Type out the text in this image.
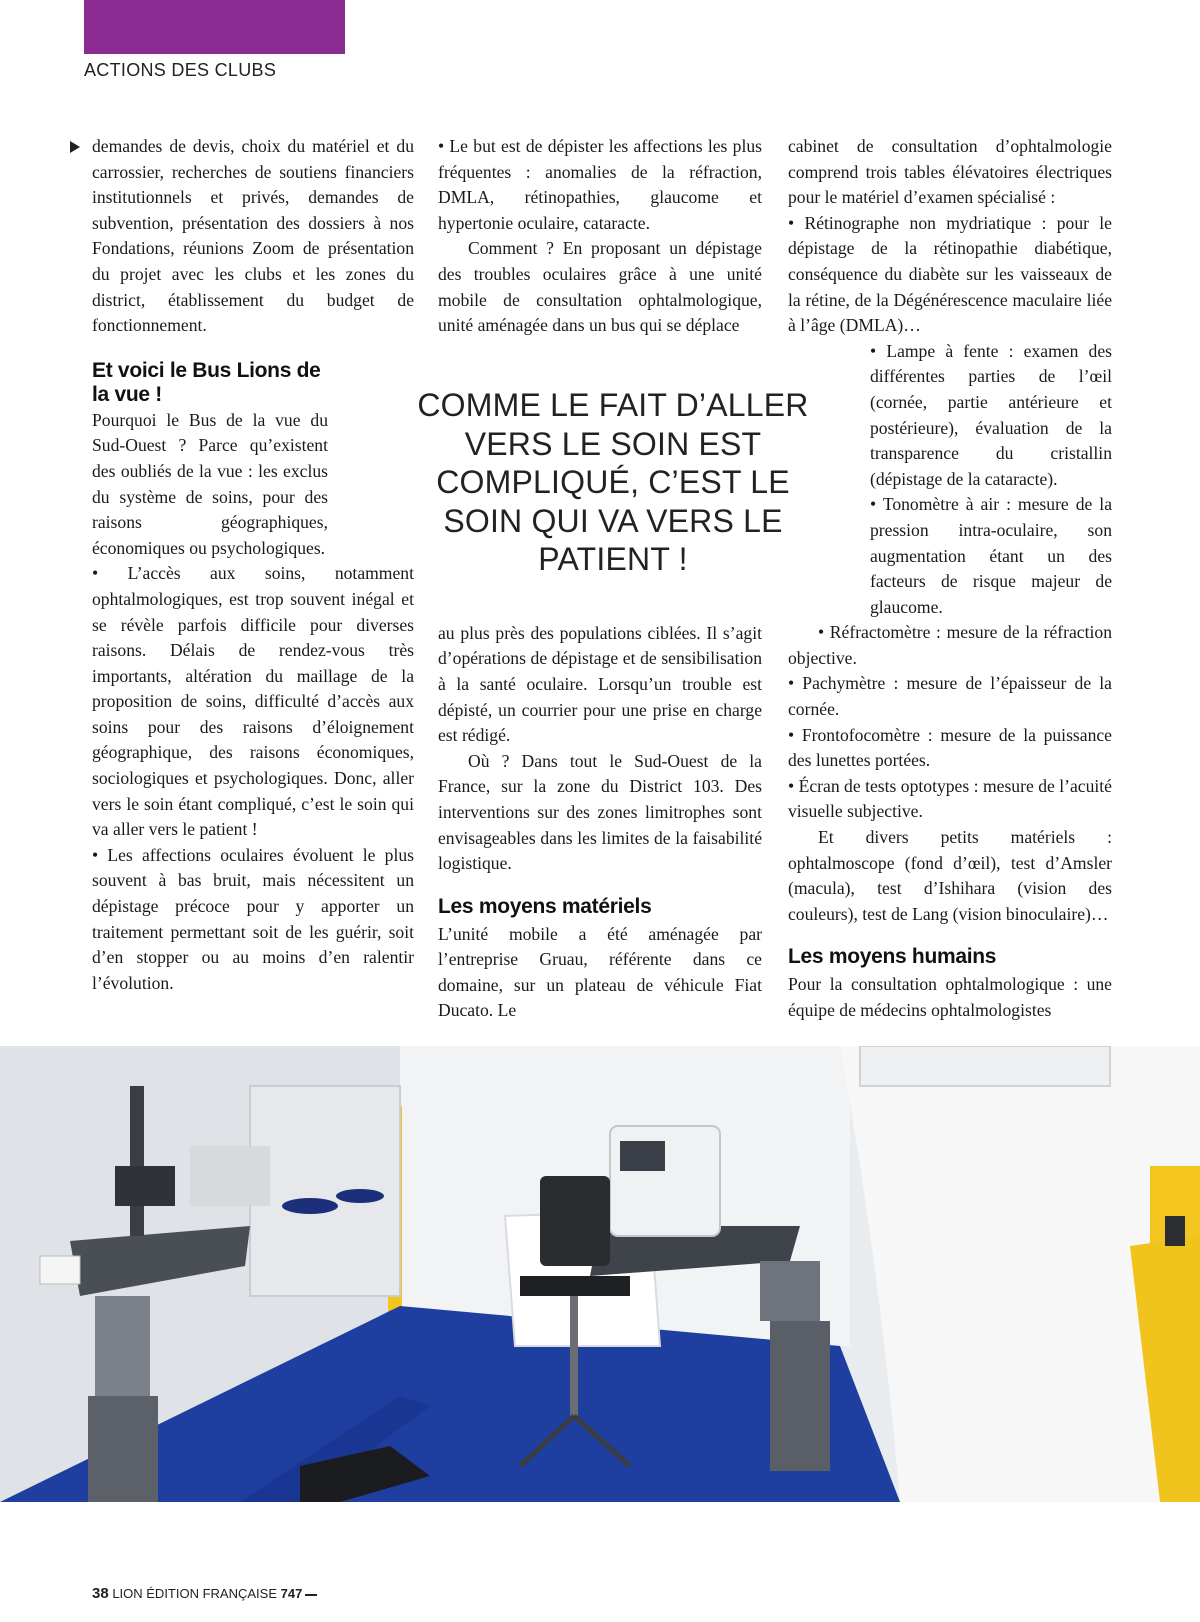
ACTIONS DES CLUBS

demandes de devis, choix du matériel et du carrossier, recherches de soutiens financiers institutionnels et privés, demandes de subvention, présentation des dossiers à nos Fondations, réunions Zoom de présentation du projet avec les clubs et les zones du district, établissement du budget de fonctionnement.

Et voici le Bus Lions de la vue !

Pourquoi le Bus de la vue du Sud-Ouest ? Parce qu’existent des oubliés de la vue : les exclus du système de soins, pour des raisons géographiques, économiques ou psychologiques.

• L’accès aux soins, notamment ophtalmologiques, est trop souvent inégal et se révèle parfois difficile pour diverses raisons. Délais de rendez-vous très importants, altération du maillage de la proposition de soins, difficulté d’accès aux soins pour des raisons d’éloignement géographique, des raisons économiques, sociologiques et psychologiques. Donc, aller vers le soin étant compliqué, c’est le soin qui va aller vers le patient !

• Les affections oculaires évoluent le plus souvent à bas bruit, mais nécessitent un dépistage précoce pour y apporter un traitement permettant soit de les guérir, soit d’en stopper ou au moins d’en ralentir l’évolution.

• Le but est de dépister les affections les plus fréquentes : anomalies de la réfraction, DMLA, rétinopathies, glaucome et hypertonie oculaire, cataracte.

Comment ? En proposant un dépistage des troubles oculaires grâce à une unité mobile de consultation ophtalmologique, unité aménagée dans un bus qui se déplace

au plus près des populations ciblées. Il s’agit d’opérations de dépistage et de sensibilisation à la santé oculaire. Lorsqu’un trouble est dépisté, un courrier pour une prise en charge est rédigé.

Où ? Dans tout le Sud-Ouest de la France, sur la zone du District 103. Des interventions sur des zones limitrophes sont envisageables dans les limites de la faisabilité logistique.

Les moyens matériels

L’unité mobile a été aménagée par l’entreprise Gruau, référente dans ce domaine, sur un plateau de véhicule Fiat Ducato. Le

COMME LE FAIT D’ALLER VERS LE SOIN EST COMPLIQUÉ, C’EST LE SOIN QUI VA VERS LE PATIENT !

cabinet de consultation d’ophtalmologie comprend trois tables élévatoires électriques pour le matériel d’examen spécialisé :

• Rétinographe non mydriatique : pour le dépistage de la rétinopathie diabétique, conséquence du diabète sur les vaisseaux de la rétine, de la Dégénérescence maculaire liée à l’âge (DMLA)…

• Lampe à fente : examen des différentes parties de l’œil (cornée, partie antérieure et postérieure), évaluation de la transparence du cristallin (dépistage de la cataracte).

• Tonomètre à air : mesure de la pression intra-oculaire, son augmentation étant un des facteurs de risque majeur de glaucome.

• Réfractomètre : mesure de la réfraction objective.

• Pachymètre : mesure de l’épaisseur de la cornée.

• Frontofocomètre : mesure de la puissance des lunettes portées.

• Écran de tests optotypes : mesure de l’acuité visuelle subjective.

Et divers petits matériels : ophtalmoscope (fond d’œil), test d’Amsler (macula), test d’Ishihara (vision des couleurs), test de Lang (vision binoculaire)…

Les moyens humains

Pour la consultation ophtalmologique : une équipe de médecins ophtalmologistes

38 LION ÉDITION FRANÇAISE 747
